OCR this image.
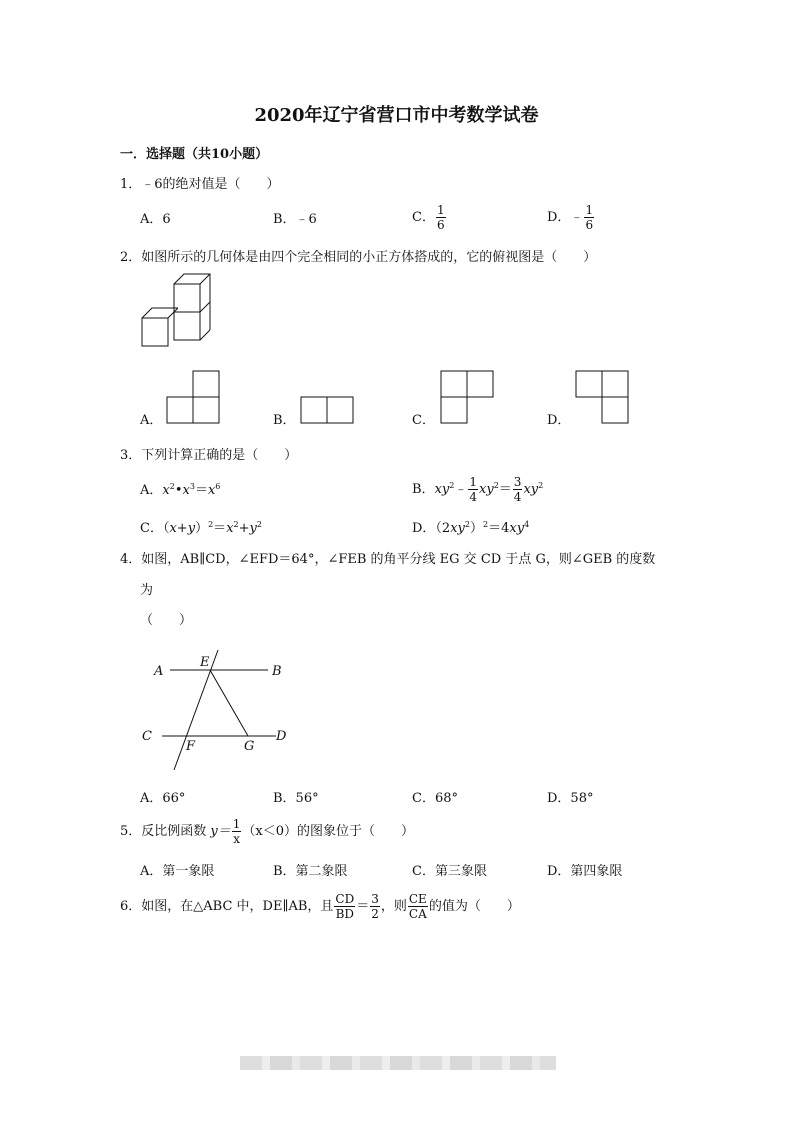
2020年辽宁省营口市中考数学试卷
一．选择题（共10小题）
1．﹣6的绝对值是（　　）
A．6	B．﹣6	C． $\frac{1}{6}$	D．﹣ $\frac{1}{6}$
2．如图所示的几何体是由四个完全相同的小正方体搭成的，它的俯视图是（　　）
A．	B．	C．	D．
3．下列计算正确的是（　　）
A．$x^2•x^3=x^6$	B．$xy^2﹣ \frac{1}{4} xy^2= \frac{3}{4} xy^2$
C．$(x+y)^2=x^2+y^2$	D．$(2xy^2)^2=4xy^4$
4．如图，AB∥CD，∠EFD＝64°，∠FEB 的角平分线 EG 交 CD 于点 G，则∠GEB 的度数
为
（　　）
A
E
B
C
F	G
D
A．66°	B．56°	C．68°	D．58°
5．反比例函数 $y= \frac{1}{x} (x<0)$的图象位于（　　）
A．第一象限	B．第二象限	C．第三象限	D．第四象限
6．如图，在△ABC 中，DE∥AB，且 $\frac{CD}{BD} = \frac{3}{2}$ ，则 $\frac{CE}{CA}$ 的值为（　　）
